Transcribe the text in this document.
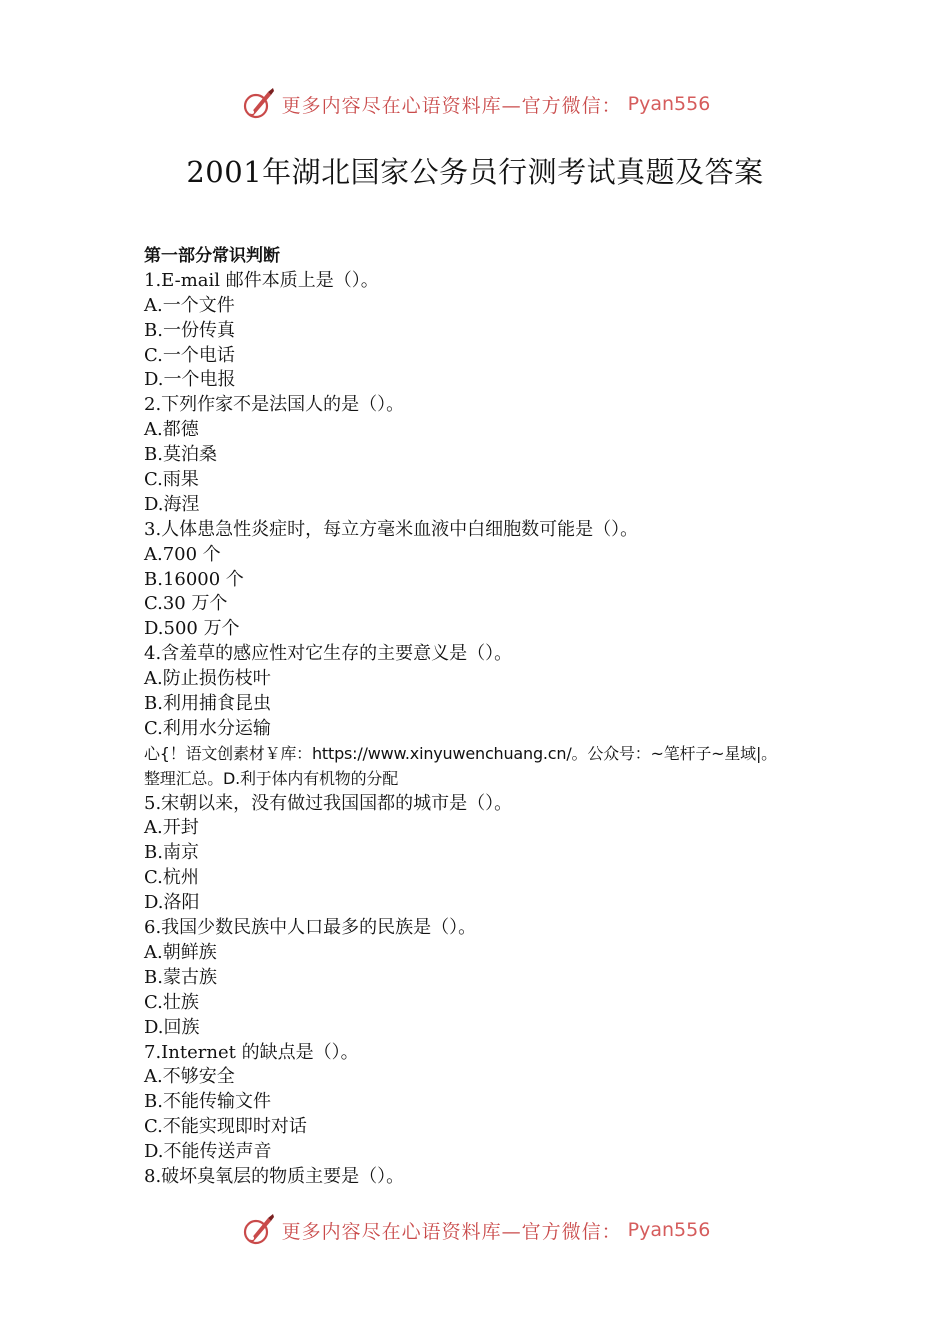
更多内容尽在心语资料库—官方微信： Pyan556
2001年湖北国家公务员行测考试真题及答案
第一部分常识判断
1.E-mail 邮件本质上是（）。
A.一个文件
B.一份传真
C.一个电话
D.一个电报
2.下列作家不是法国人的是（）。
A.都德
B.莫泊桑
C.雨果
D.海涅
3.人体患急性炎症时，每立方毫米血液中白细胞数可能是（）。
A.700 个
B.16000 个
C.30 万个
D.500 万个
4.含羞草的感应性对它生存的主要意义是（）。
A.防止损伤枝叶
B.利用捕食昆虫
C.利用水分运输
心{！语文创素材￥库：https://www.xinyuwenchuang.cn/。公众号：~笔杆子~星域|。
整理汇总。D.利于体内有机物的分配
5.宋朝以来，没有做过我国国都的城市是（）。
A.开封
B.南京
C.杭州
D.洛阳
6.我国少数民族中人口最多的民族是（）。
A.朝鲜族
B.蒙古族
C.壮族
D.回族
7.Internet 的缺点是（）。
A.不够安全
B.不能传输文件
C.不能实现即时对话
D.不能传送声音
8.破坏臭氧层的物质主要是（）。
更多内容尽在心语资料库—官方微信： Pyan556
